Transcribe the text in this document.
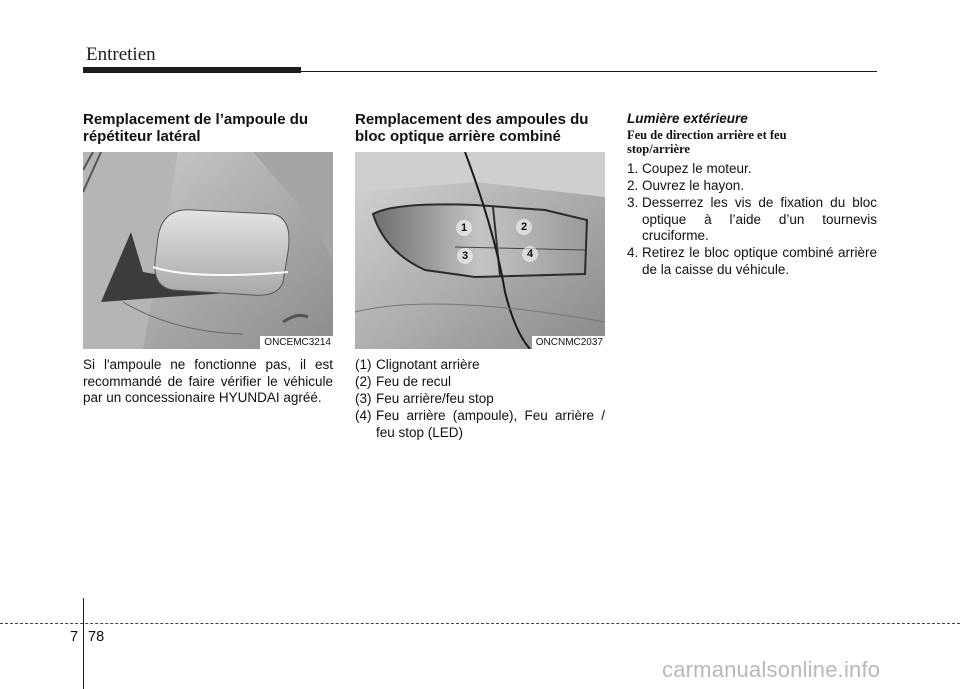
Entretien
Remplacement de l’ampoule du répétiteur latéral
ONCEMC3214
Si l'ampoule ne fonctionne pas, il est recommandé de faire vérifier le véhicule par un concessionaire HYUNDAI agréé.
Remplacement des ampoules du bloc optique arrière combiné
1	2
3	4
ONCNMC2037
(1) Clignotant arrière
(2) Feu de recul
(3) Feu arrière/feu stop
(4) Feu arrière (ampoule), Feu arrière / feu stop (LED)
Lumière extérieure
Feu de direction arrière et feu stop/arrière
1. Coupez le moteur.
2. Ouvrez le hayon.
3. Desserrez les vis de fixation du bloc optique à l’aide d’un tournevis cruciforme.
4. Retirez le bloc optique combiné arrière de la caisse du véhicule.
7 78
carmanualsonline.info
